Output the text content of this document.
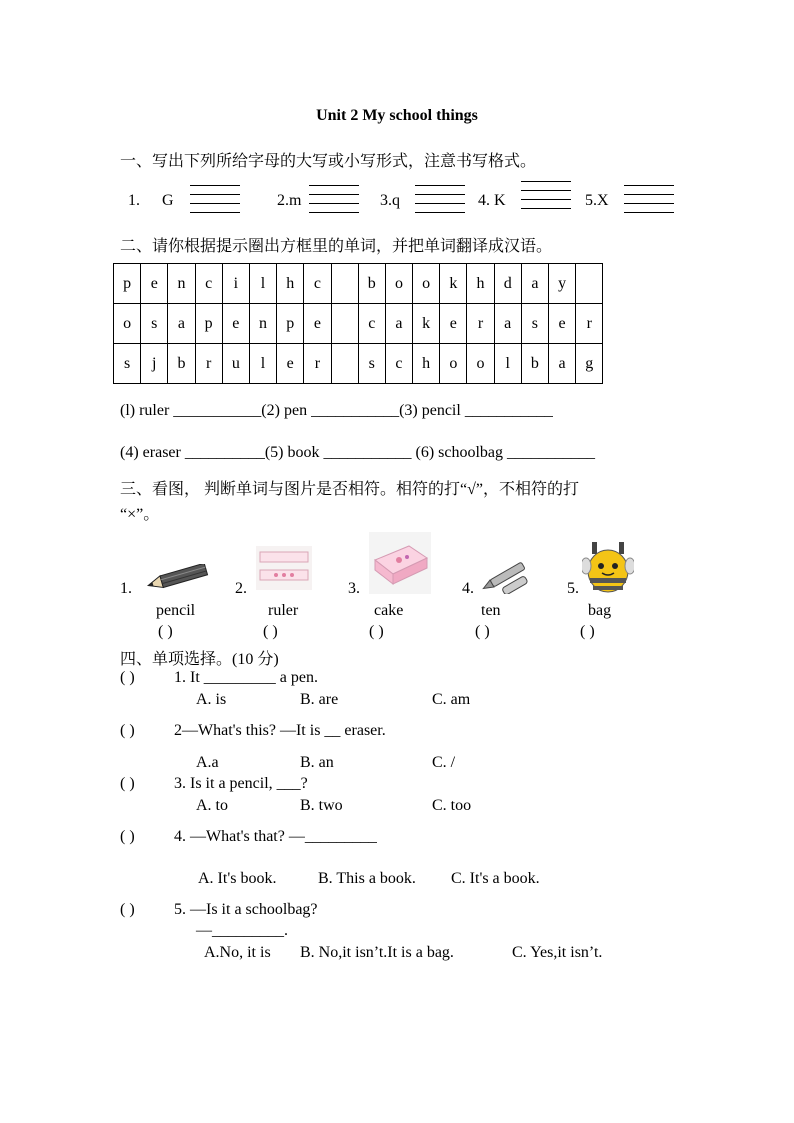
Unit 2 My school things
一、写出下列所给字母的大写或小写形式，注意书写格式。
1. G	2.m	3.q	4. K	5.X
二、请你根据提示圈出方框里的单词，并把单词翻译成汉语。
p	e	n	c	i	l	h	c		b	o	o	k	h	d	a	y	
o	s	a	p	e	n	p	e		c	a	k	e	r	a	s	e	r
s	j	b	r	u	l	e	r		s	c	h	o	o	l	b	a	g
(l) ruler ___________(2) pen ___________(3) pencil ___________
(4) eraser __________(5) book ___________ (6) schoolbag ___________
三、看图， 判断单词与图片是否相符。相符的打“√”，不相符的打
“×”。
1.	2.	3.	4.	5.
pencil	ruler	cake	ten	bag
( )	( )	( )	( )	( )
四、单项选择。(10 分)
( ) 1. It _________ a pen.
A. is	B. are	C. am
( ) 2—What's this? —It is __ eraser.
A.a	B. an	C. /
( ) 3. Is it a pencil, ___?
A. to	B. two	C. too
( ) 4. —What's that? —_________
A. It's book.	B. This a book. C. It's a book.
( ) 5. —Is it a schoolbag?
—_________.
A.No, it is B. No,it isn’t.It is a bag.	C. Yes,it isn’t.
